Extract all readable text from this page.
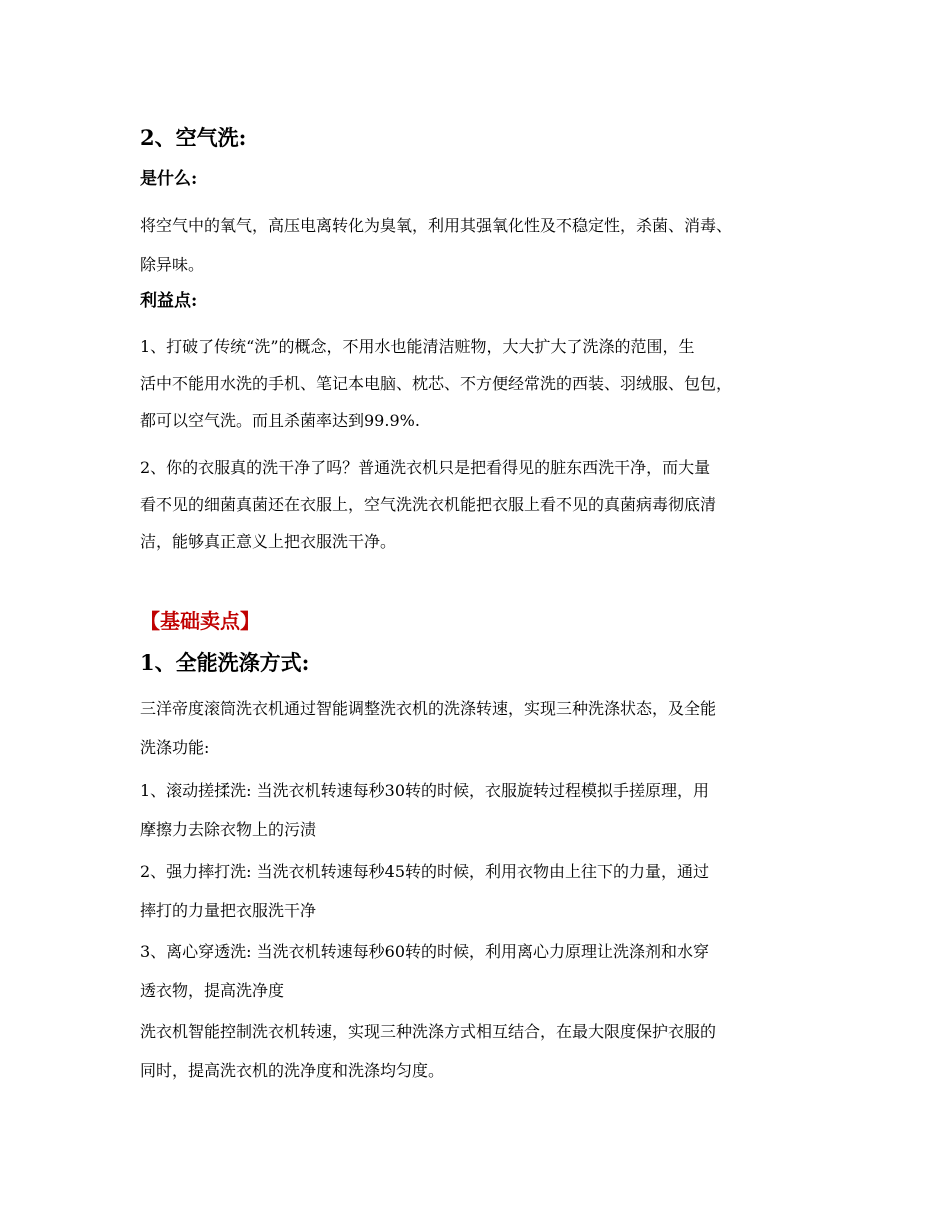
2、空气洗:
是什么:
将空气中的氧气，高压电离转化为臭氧，利用其强氧化性及不稳定性，杀菌、消毒、
除异味。
利益点:
1、打破了传统“洗”的概念，不用水也能清洁赃物，大大扩大了洗涤的范围，生
活中不能用水洗的手机、笔记本电脑、枕芯、不方便经常洗的西装、羽绒服、包包，
都可以空气洗。而且杀菌率达到99.9%.
2、你的衣服真的洗干净了吗？普通洗衣机只是把看得见的脏东西洗干净，而大量
看不见的细菌真菌还在衣服上，空气洗洗衣机能把衣服上看不见的真菌病毒彻底清
洁，能够真正意义上把衣服洗干净。
【基础卖点】
1、全能洗涤方式:
三洋帝度滚筒洗衣机通过智能调整洗衣机的洗涤转速，实现三种洗涤状态，及全能
洗涤功能:
1、滚动搓揉洗: 当洗衣机转速每秒30转的时候，衣服旋转过程模拟手搓原理，用
摩擦力去除衣物上的污渍
2、强力摔打洗: 当洗衣机转速每秒45转的时候，利用衣物由上往下的力量，通过
摔打的力量把衣服洗干净
3、离心穿透洗: 当洗衣机转速每秒60转的时候，利用离心力原理让洗涤剂和水穿
透衣物，提高洗净度
洗衣机智能控制洗衣机转速，实现三种洗涤方式相互结合，在最大限度保护衣服的
同时，提高洗衣机的洗净度和洗涤均匀度。
